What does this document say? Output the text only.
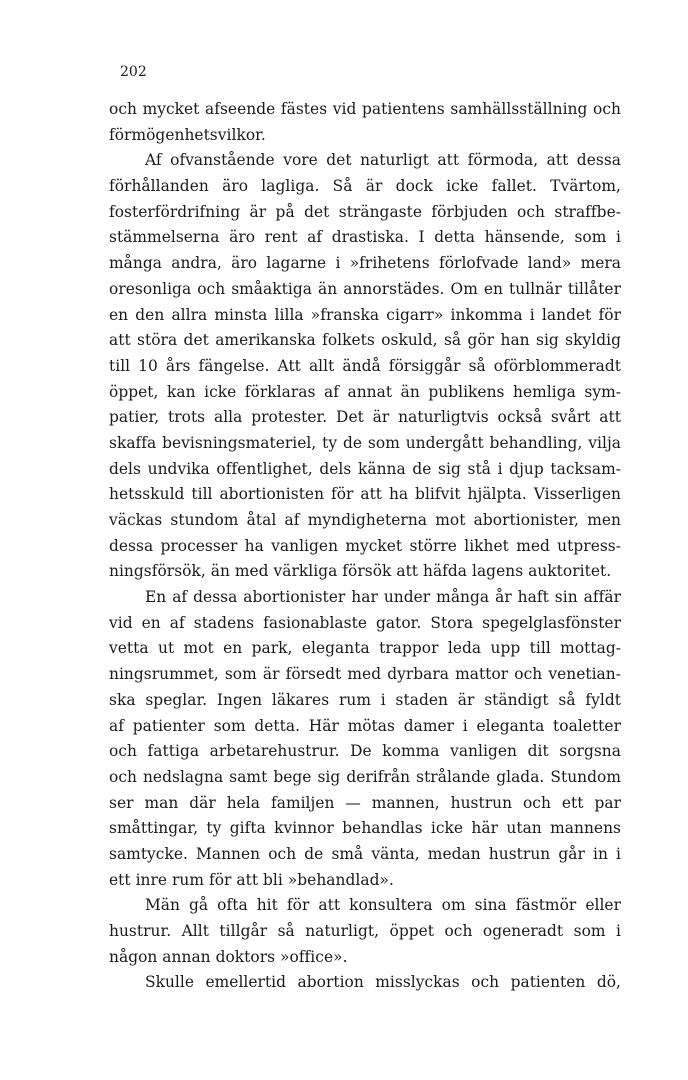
202
och mycket afseende fästes vid patientens samhällsställning och
förmögenhetsvilkor.
Af ofvanstående vore det naturligt att förmoda, att dessa
förhållanden äro lagliga. Så är dock icke fallet. Tvärtom,
fosterfördrifning är på det strängaste förbjuden och straffbe-
stämmelserna äro rent af drastiska. I detta hänsende, som i
många andra, äro lagarne i »frihetens förlofvade land» mera
oresonliga och småaktiga än annorstädes. Om en tullnär tillåter
en den allra minsta lilla »franska cigarr» inkomma i landet för
att störa det amerikanska folkets oskuld, så gör han sig skyldig
till 10 års fängelse. Att allt ändå försiggår så oförblommeradt
öppet, kan icke förklaras af annat än publikens hemliga sym-
patier, trots alla protester. Det är naturligtvis också svårt att
skaffa bevisningsmateriel, ty de som undergått behandling, vilja
dels undvika offentlighet, dels känna de sig stå i djup tacksam-
hetsskuld till abortionisten för att ha blifvit hjälpta. Visserligen
väckas stundom åtal af myndigheterna mot abortionister, men
dessa processer ha vanligen mycket större likhet med utpress-
ningsförsök, än med värkliga försök att häfda lagens auktoritet.
En af dessa abortionister har under många år haft sin affär
vid en af stadens fasionablaste gator. Stora spegelglasfönster
vetta ut mot en park, eleganta trappor leda upp till mottag-
ningsrummet, som är försedt med dyrbara mattor och venetian-
ska speglar. Ingen läkares rum i staden är ständigt så fyldt
af patienter som detta. Här mötas damer i eleganta toaletter
och fattiga arbetarehustrur. De komma vanligen dit sorgsna
och nedslagna samt bege sig derifrån strålande glada. Stundom
ser man där hela familjen — mannen, hustrun och ett par
småttingar, ty gifta kvinnor behandlas icke här utan mannens
samtycke. Mannen och de små vänta, medan hustrun går in i
ett inre rum för att bli »behandlad».
Män gå ofta hit för att konsultera om sina fästmör eller
hustrur. Allt tillgår så naturligt, öppet och ogeneradt som i
någon annan doktors »office».
Skulle emellertid abortion misslyckas och patienten dö,
